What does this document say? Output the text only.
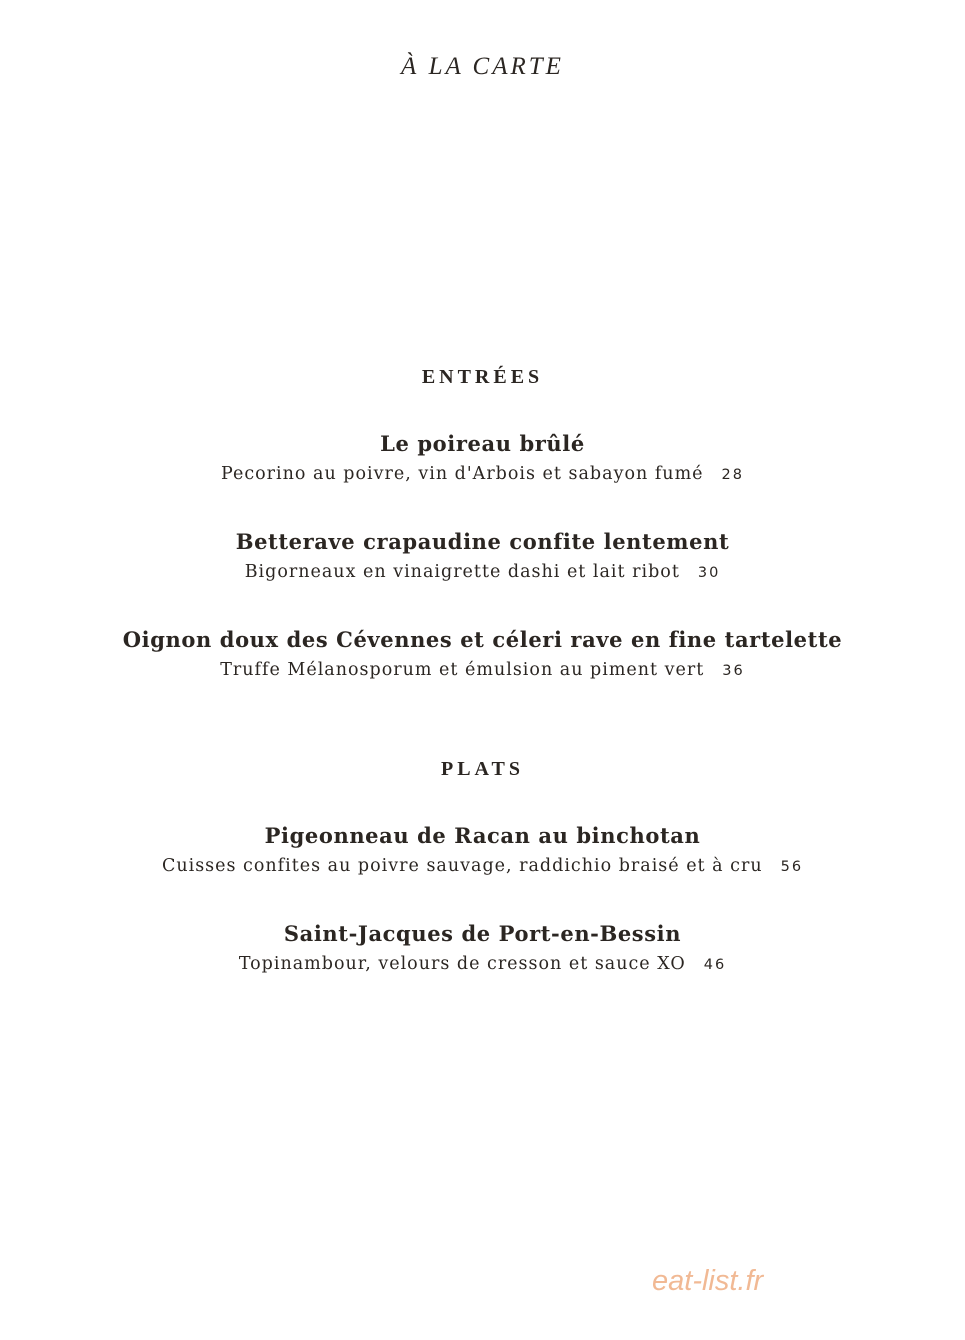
À LA CARTE
ENTRÉES
Le poireau brûlé
Pecorino au poivre, vin d'Arbois et sabayon fumé 28
Betterave crapaudine confite lentement
Bigorneaux en vinaigrette dashi et lait ribot 30
Oignon doux des Cévennes et céleri rave en fine tartelette
Truffe Mélanosporum et émulsion au piment vert 36
PLATS
Pigeonneau de Racan au binchotan
Cuisses confites au poivre sauvage, raddichio braisé et à cru 56
Saint-Jacques de Port-en-Bessin
Topinambour, velours de cresson et sauce XO 46
eat-list.fr
